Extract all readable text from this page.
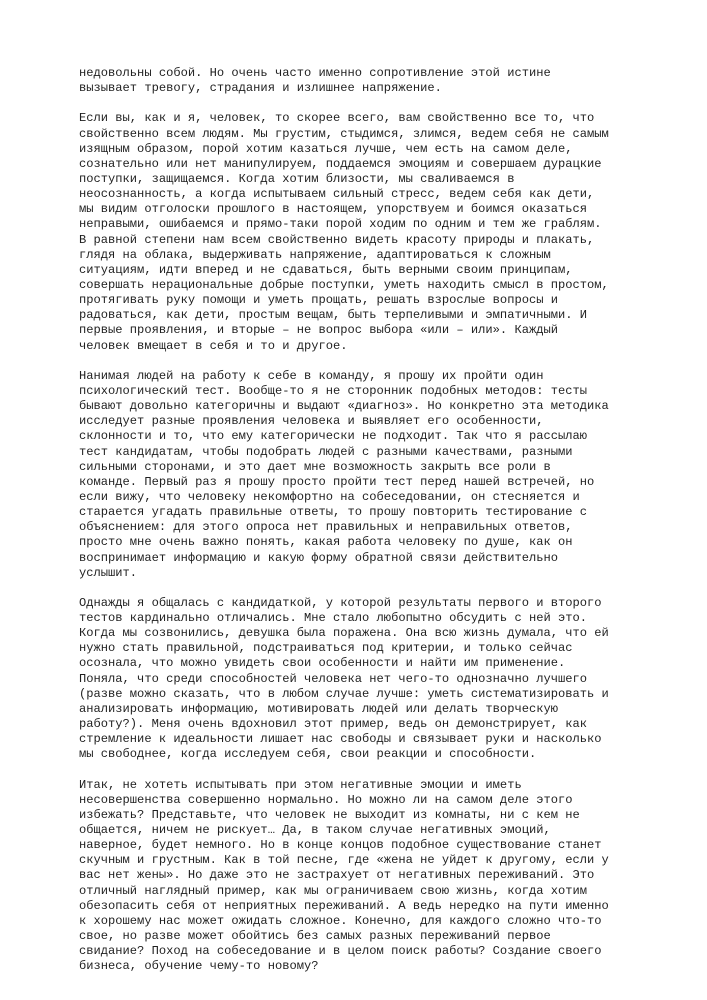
недовольны собой. Но очень часто именно сопротивление этой истине
вызывает тревогу, страдания и излишнее напряжение.
Если вы, как и я, человек, то скорее всего, вам свойственно все то, что
свойственно всем людям. Мы грустим, стыдимся, злимся, ведем себя не самым
изящным образом, порой хотим казаться лучше, чем есть на самом деле,
сознательно или нет манипулируем, поддаемся эмоциям и совершаем дурацкие
поступки, защищаемся. Когда хотим близости, мы сваливаемся в
неосознанность, а когда испытываем сильный стресс, ведем себя как дети,
мы видим отголоски прошлого в настоящем, упорствуем и боимся оказаться
неправыми, ошибаемся и прямо-таки порой ходим по одним и тем же граблям.
В равной степени нам всем свойственно видеть красоту природы и плакать,
глядя на облака, выдерживать напряжение, адаптироваться к сложным
ситуациям, идти вперед и не сдаваться, быть верными своим принципам,
совершать нерациональные добрые поступки, уметь находить смысл в простом,
протягивать руку помощи и уметь прощать, решать взрослые вопросы и
радоваться, как дети, простым вещам, быть терпеливыми и эмпатичными. И
первые проявления, и вторые – не вопрос выбора «или – или». Каждый
человек вмещает в себя и то и другое.
Нанимая людей на работу к себе в команду, я прошу их пройти один
психологический тест. Вообще-то я не сторонник подобных методов: тесты
бывают довольно категоричны и выдают «диагноз». Но конкретно эта методика
исследует разные проявления человека и выявляет его особенности,
склонности и то, что ему категорически не подходит. Так что я рассылаю
тест кандидатам, чтобы подобрать людей с разными качествами, разными
сильными сторонами, и это дает мне возможность закрыть все роли в
команде. Первый раз я прошу просто пройти тест перед нашей встречей, но
если вижу, что человеку некомфортно на собеседовании, он стесняется и
старается угадать правильные ответы, то прошу повторить тестирование с
объяснением: для этого опроса нет правильных и неправильных ответов,
просто мне очень важно понять, какая работа человеку по душе, как он
воспринимает информацию и какую форму обратной связи действительно
услышит.
Однажды я общалась с кандидаткой, у которой результаты первого и второго
тестов кардинально отличались. Мне стало любопытно обсудить с ней это.
Когда мы созвонились, девушка была поражена. Она всю жизнь думала, что ей
нужно стать правильной, подстраиваться под критерии, и только сейчас
осознала, что можно увидеть свои особенности и найти им применение.
Поняла, что среди способностей человека нет чего-то однозначно лучшего
(разве можно сказать, что в любом случае лучше: уметь систематизировать и
анализировать информацию, мотивировать людей или делать творческую
работу?). Меня очень вдохновил этот пример, ведь он демонстрирует, как
стремление к идеальности лишает нас свободы и связывает руки и насколько
мы свободнее, когда исследуем себя, свои реакции и способности.
Итак, не хотеть испытывать при этом негативные эмоции и иметь
несовершенства совершенно нормально. Но можно ли на самом деле этого
избежать? Представьте, что человек не выходит из комнаты, ни с кем не
общается, ничем не рискует… Да, в таком случае негативных эмоций,
наверное, будет немного. Но в конце концов подобное существование станет
скучным и грустным. Как в той песне, где «жена не уйдет к другому, если у
вас нет жены». Но даже это не застрахует от негативных переживаний. Это
отличный наглядный пример, как мы ограничиваем свою жизнь, когда хотим
обезопасить себя от неприятных переживаний. А ведь нередко на пути именно
к хорошему нас может ожидать сложное. Конечно, для каждого сложно что-то
свое, но разве может обойтись без самых разных переживаний первое
свидание? Поход на собеседование и в целом поиск работы? Создание своего
бизнеса, обучение чему-то новому?
